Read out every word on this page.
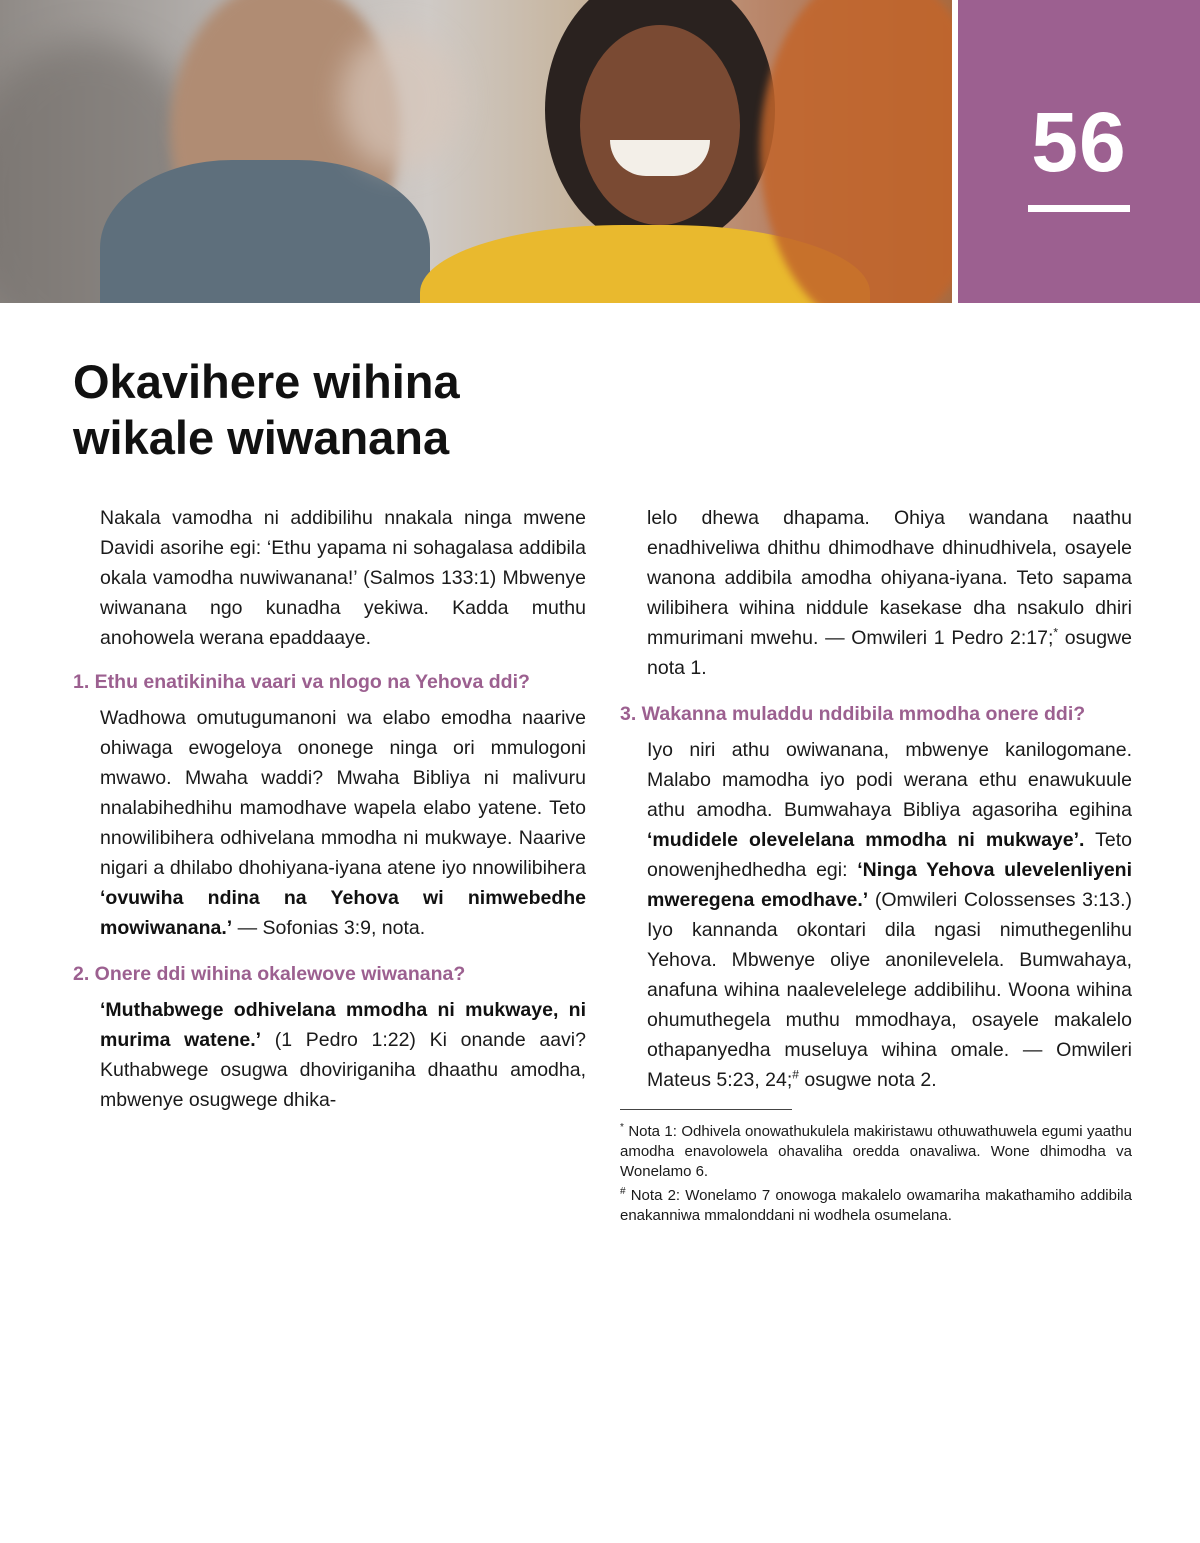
56
Okavihere wihina
wikale wiwanana

Nakala vamodha ni addibilihu nnakala ninga mwene Davidi asorihe egi: ‘Ethu yapama ni sohagalasa addibila okala vamodha nuwiwanana!’ (Salmos 133:1) Mbwenye wiwanana ngo kunadha yekiwa. Kadda muthu anohowela werana epaddaaye.

1. Ethu enatikiniha vaari va nlogo na Yehova ddi?

Wadhowa omutugumanoni wa elabo emodha naarive ohiwaga ewogeloya ononege ninga ori mmulogoni mwawo. Mwaha waddi? Mwaha Bibliya ni malivuru nnalabihedhihu mamodhave wapela elabo yatene. Teto nnowilibihera odhivelana mmodha ni mukwaye. Naarive nigari a dhilabo dhohiyana-iyana atene iyo nnowilibihera ‘ovuwiha ndina na Yehova wi nimwebedhe mowiwanana.’ — Sofonias 3:9, nota.

2. Onere ddi wihina okalewove wiwanana?

‘Muthabwege odhivelana mmodha ni mukwaye, ni murima watene.’ (1 Pedro 1:22) Ki onande aavi? Kuthabwege osugwa dhoviriganiha dhaathu amodha, mbwenye osugwege dhika-

lelo dhewa dhapama. Ohiya wandana naathu enadhiveliwa dhithu dhimodhave dhinudhivela, osayele wanona addibila amodha ohiyana-iyana. Teto sapama wilibihera wihina niddule kasekase dha nsakulo dhiri mmurimani mwehu. — Omwileri 1 Pedro 2:17;* osugwe nota 1.

3. Wakanna muladdu nddibila mmodha onere ddi?

Iyo niri athu owiwanana, mbwenye kanilogomane. Malabo mamodha iyo podi werana ethu enawukuule athu amodha. Bumwahaya Bibliya agasoriha egihina ‘mudidele olevelelana mmodha ni mukwaye’. Teto onowenjhedhedha egi: ‘Ninga Yehova ulevelenliyeni mweregena emodhave.’ (Omwileri Colossenses 3:13.) Iyo kannanda okontari dila ngasi nimuthegenlihu Yehova. Mbwenye oliye anonilevelela. Bumwahaya, anafuna wihina naalevelelege addibilihu. Woona wihina ohumuthegela muthu mmodhaya, osayele makalelo othapanyedha museluya wihina omale. — Omwileri Mateus 5:23, 24;# osugwe nota 2.

* Nota 1: Odhivela onowathukulela makiristawu othuwathuwela egumi yaathu amodha enavolowela ohavaliha oredda onavaliwa. Wone dhimodha va Wonelamo 6.

# Nota 2: Wonelamo 7 onowoga makalelo owamariha makathamiho addibila enakanniwa mmalonddani ni wodhela osumelana.
